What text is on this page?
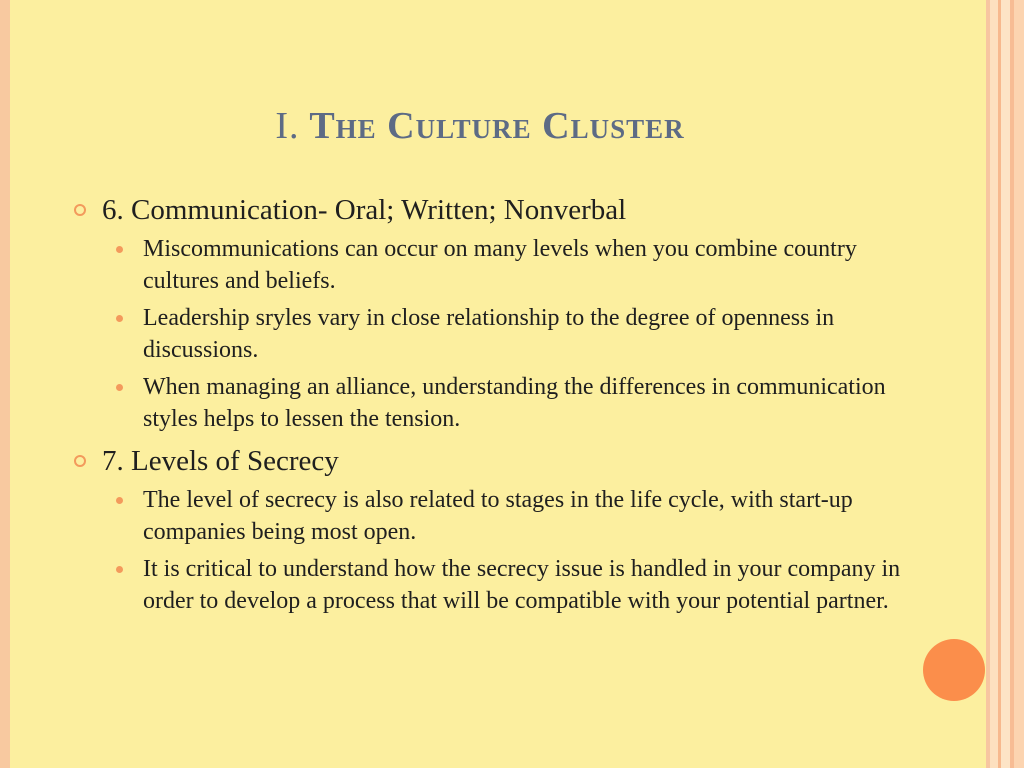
I. The Culture Cluster
6. Communication- Oral; Written; Nonverbal
Miscommunications can occur on many levels when you combine country cultures and beliefs.
Leadership sryles vary in close relationship to the degree of openness in discussions.
When managing an alliance, understanding the differences in communication styles helps to lessen the tension.
7. Levels of Secrecy
The level of secrecy is also related to stages in the life cycle, with start-up companies being most open.
It is critical to understand how the secrecy issue is handled in your company in order to develop a process that will be compatible with your potential partner.
